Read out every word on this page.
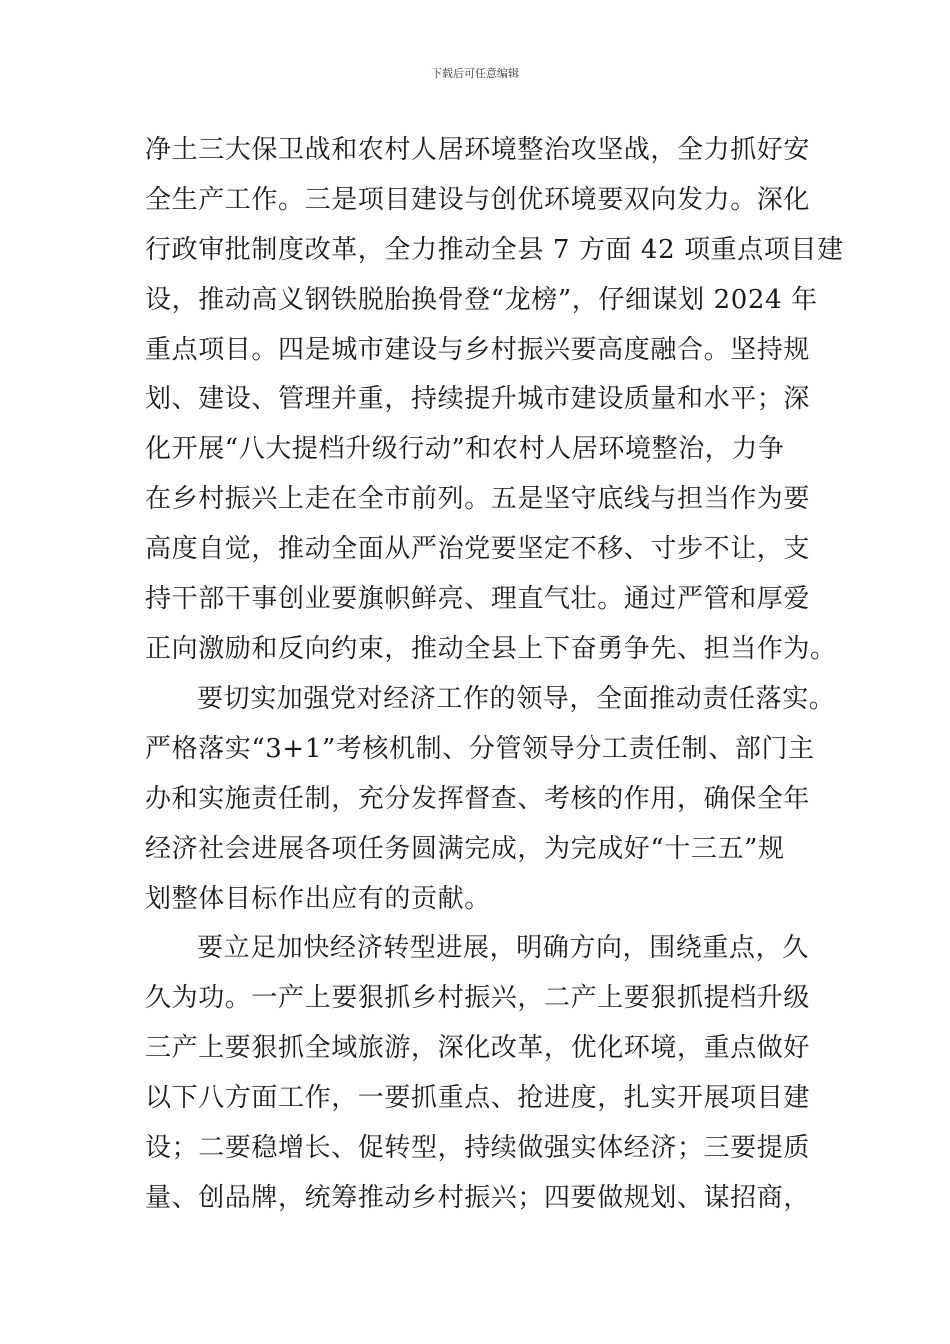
下载后可任意编辑
净土三大保卫战和农村人居环境整治攻坚战，全力抓好安
全生产工作。三是项目建设与创优环境要双向发力。深化
行政审批制度改革，全力推动全县 7 方面 42 项重点项目建
设，推动高义钢铁脱胎换骨登“龙榜”，仔细谋划 2024 年
重点项目。四是城市建设与乡村振兴要高度融合。坚持规
划、建设、管理并重，持续提升城市建设质量和水平；深
化开展“八大提档升级行动”和农村人居环境整治，力争
在乡村振兴上走在全市前列。五是坚守底线与担当作为要
高度自觉，推动全面从严治党要坚定不移、寸步不让，支
持干部干事创业要旗帜鲜亮、理直气壮。通过严管和厚爱
正向激励和反向约束，推动全县上下奋勇争先、担当作为。
要切实加强党对经济工作的领导，全面推动责任落实。
严格落实“3+1”考核机制、分管领导分工责任制、部门主
办和实施责任制，充分发挥督查、考核的作用，确保全年
经济社会进展各项任务圆满完成，为完成好“十三五”规
划整体目标作出应有的贡献。
要立足加快经济转型进展，明确方向，围绕重点，久
久为功。一产上要狠抓乡村振兴，二产上要狠抓提档升级
三产上要狠抓全域旅游，深化改革，优化环境，重点做好
以下八方面工作，一要抓重点、抢进度，扎实开展项目建
设；二要稳增长、促转型，持续做强实体经济；三要提质
量、创品牌，统筹推动乡村振兴；四要做规划、谋招商，
